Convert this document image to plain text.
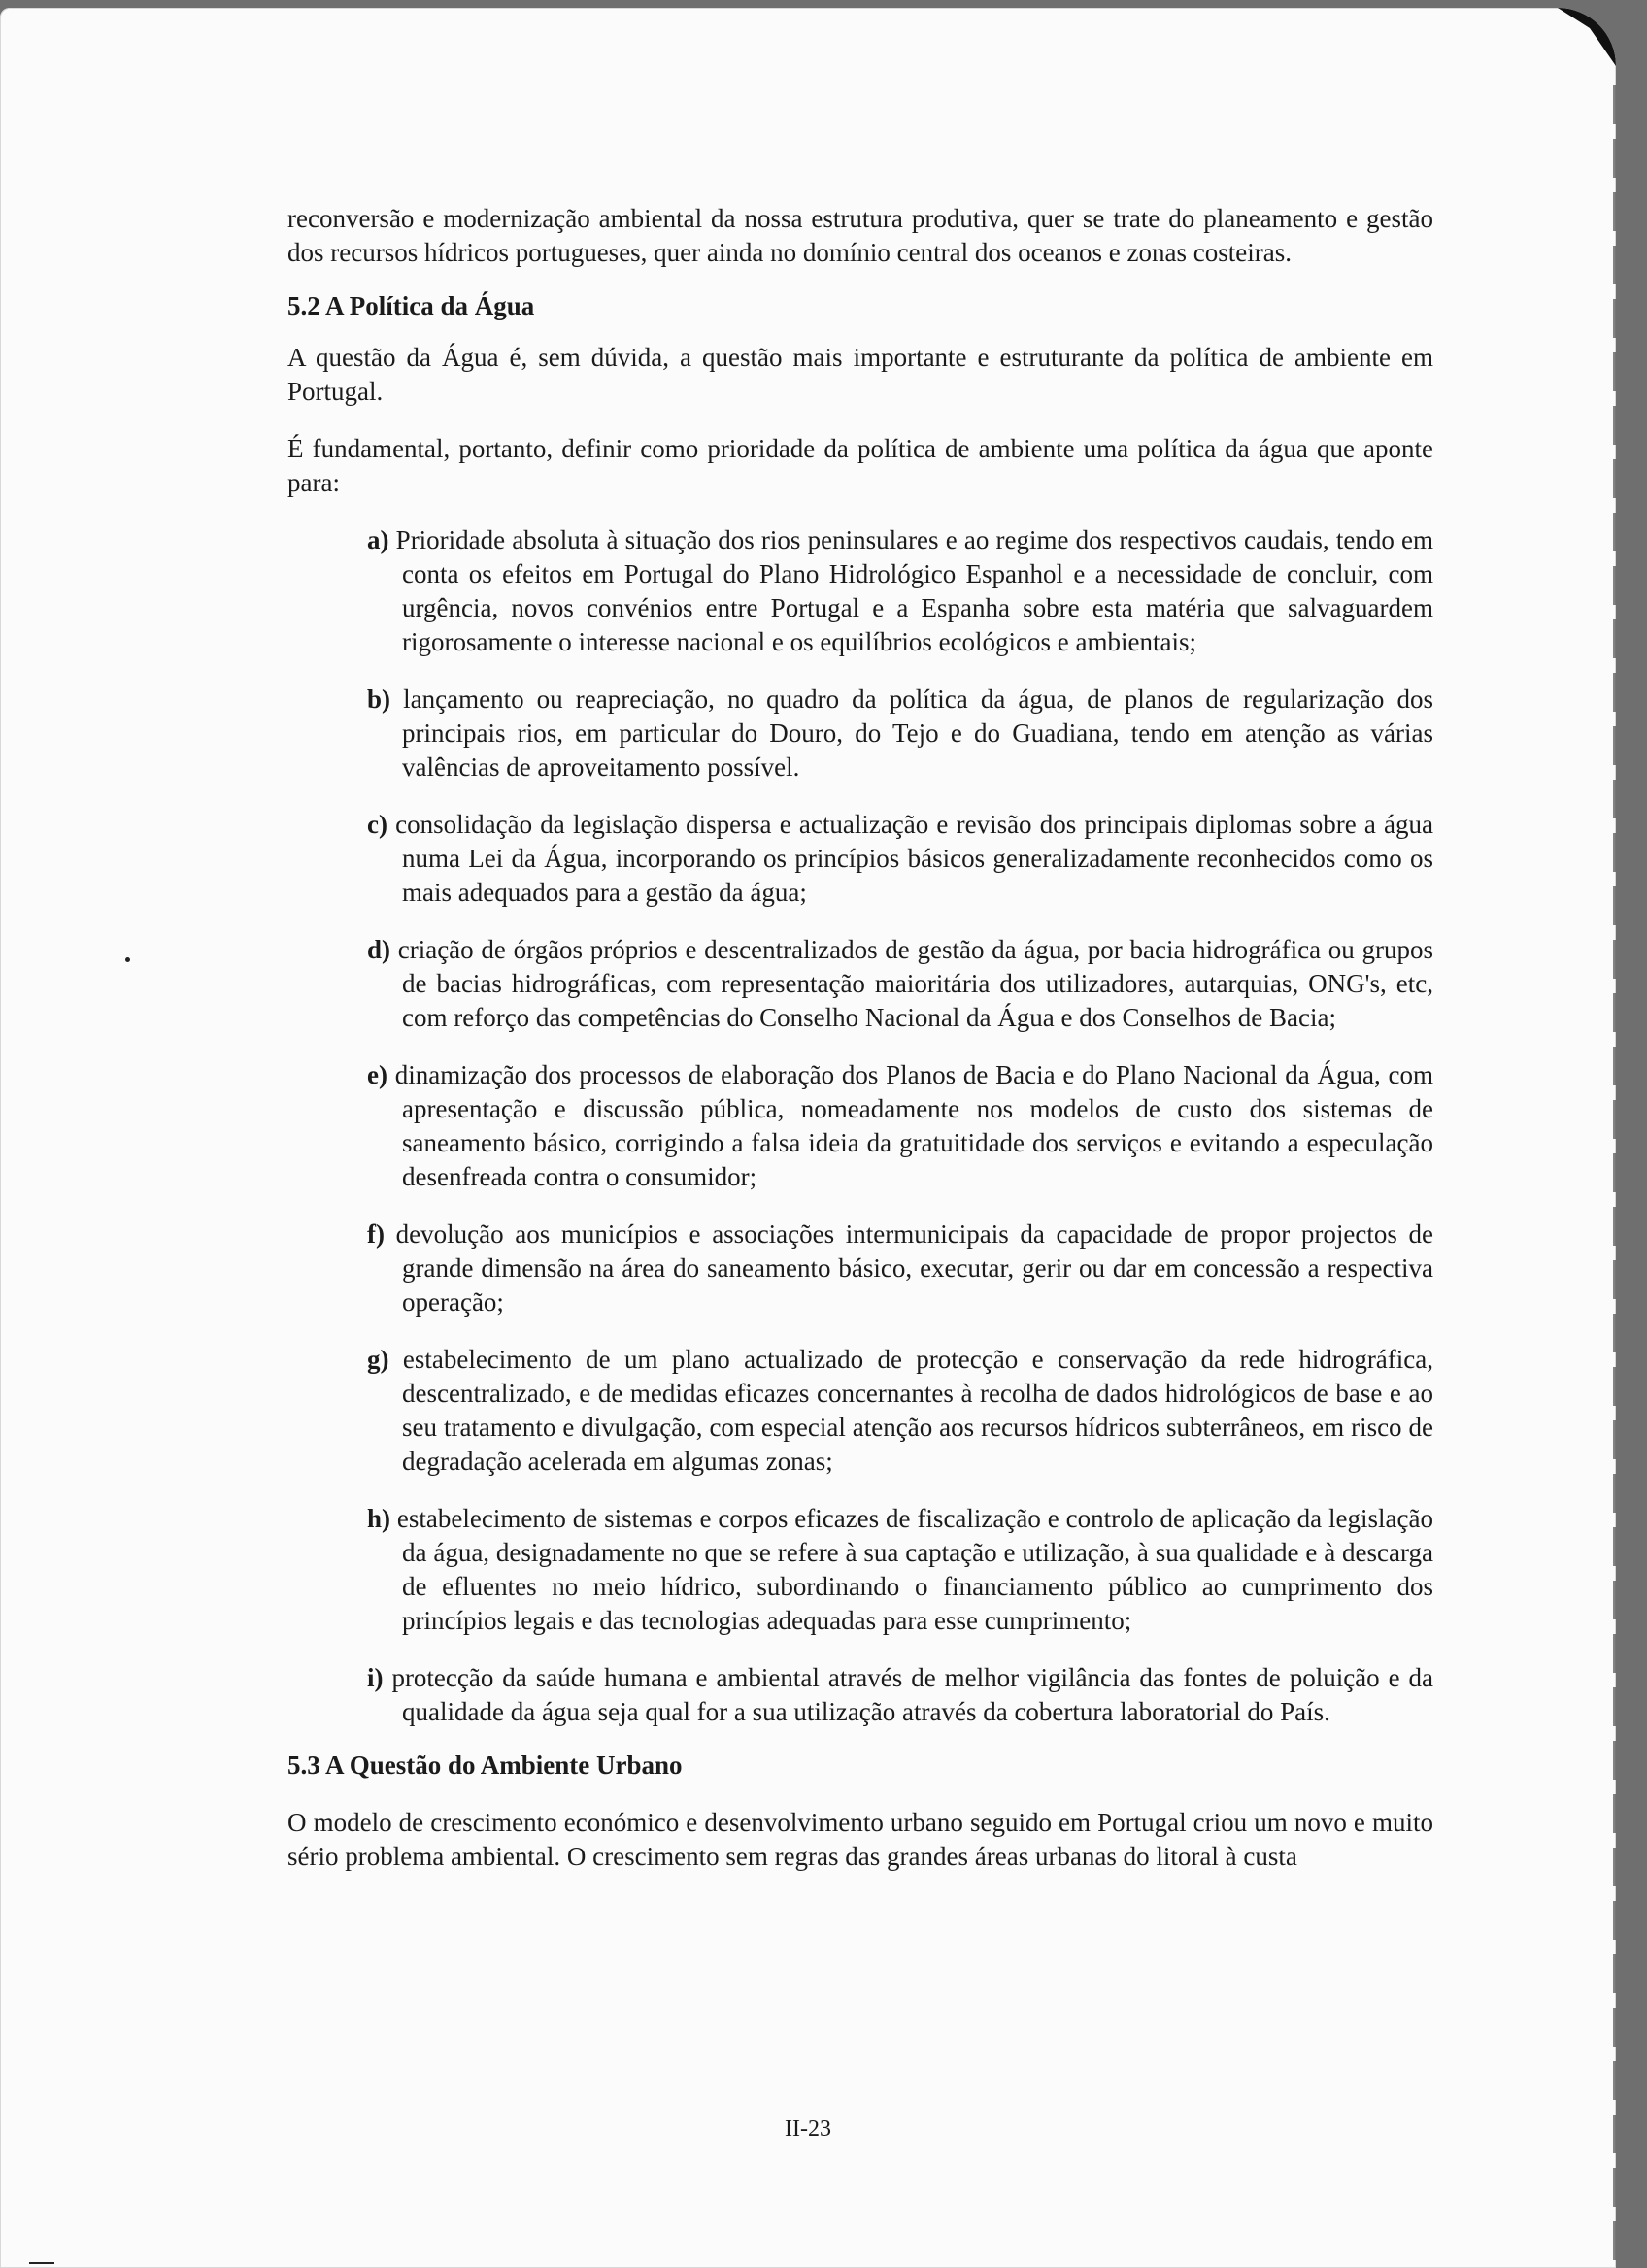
reconversão e modernização ambiental da nossa estrutura produtiva, quer se trate do planeamento e gestão dos recursos hídricos portugueses, quer ainda no domínio central dos oceanos e zonas costeiras.

5.2 A Política da Água

A questão da Água é, sem dúvida, a questão mais importante e estruturante da política de ambiente em Portugal.

É fundamental, portanto, definir como prioridade da política de ambiente uma política da água que aponte para:

a) Prioridade absoluta à situação dos rios peninsulares e ao regime dos respectivos caudais, tendo em conta os efeitos em Portugal do Plano Hidrológico Espanhol e a necessidade de concluir, com urgência, novos convénios entre Portugal e a Espanha sobre esta matéria que salvaguardem rigorosamente o interesse nacional e os equilíbrios ecológicos e ambientais;
b) lançamento ou reapreciação, no quadro da política da água, de planos de regularização dos principais rios, em particular do Douro, do Tejo e do Guadiana, tendo em atenção as várias valências de aproveitamento possível.
c) consolidação da legislação dispersa e actualização e revisão dos principais diplomas sobre a água numa Lei da Água, incorporando os princípios básicos generalizadamente reconhecidos como os mais adequados para a gestão da água;
d) criação de órgãos próprios e descentralizados de gestão da água, por bacia hidrográfica ou grupos de bacias hidrográficas, com representação maioritária dos utilizadores, autarquias, ONG's, etc, com reforço das competências do Conselho Nacional da Água e dos Conselhos de Bacia;
e) dinamização dos processos de elaboração dos Planos de Bacia e do Plano Nacional da Água, com apresentação e discussão pública, nomeadamente nos modelos de custo dos sistemas de saneamento básico, corrigindo a falsa ideia da gratuitidade dos serviços e evitando a especulação desenfreada contra o consumidor;
f) devolução aos municípios e associações intermunicipais da capacidade de propor projectos de grande dimensão na área do saneamento básico, executar, gerir ou dar em concessão a respectiva operação;
g) estabelecimento de um plano actualizado de protecção e conservação da rede hidrográfica, descentralizado, e de medidas eficazes concernantes à recolha de dados hidrológicos de base e ao seu tratamento e divulgação, com especial atenção aos recursos hídricos subterrâneos, em risco de degradação acelerada em algumas zonas;
h) estabelecimento de sistemas e corpos eficazes de fiscalização e controlo de aplicação da legislação da água, designadamente no que se refere à sua captação e utilização, à sua qualidade e à descarga de efluentes no meio hídrico, subordinando o financiamento público ao cumprimento dos princípios legais e das tecnologias adequadas para esse cumprimento;
i) protecção da saúde humana e ambiental através de melhor vigilância das fontes de poluição e da qualidade da água seja qual for a sua utilização através da cobertura laboratorial do País.
5.3 A Questão do Ambiente Urbano

O modelo de crescimento económico e desenvolvimento urbano seguido em Portugal criou um novo e muito sério problema ambiental. O crescimento sem regras das grandes áreas urbanas do litoral à custa

II-23
